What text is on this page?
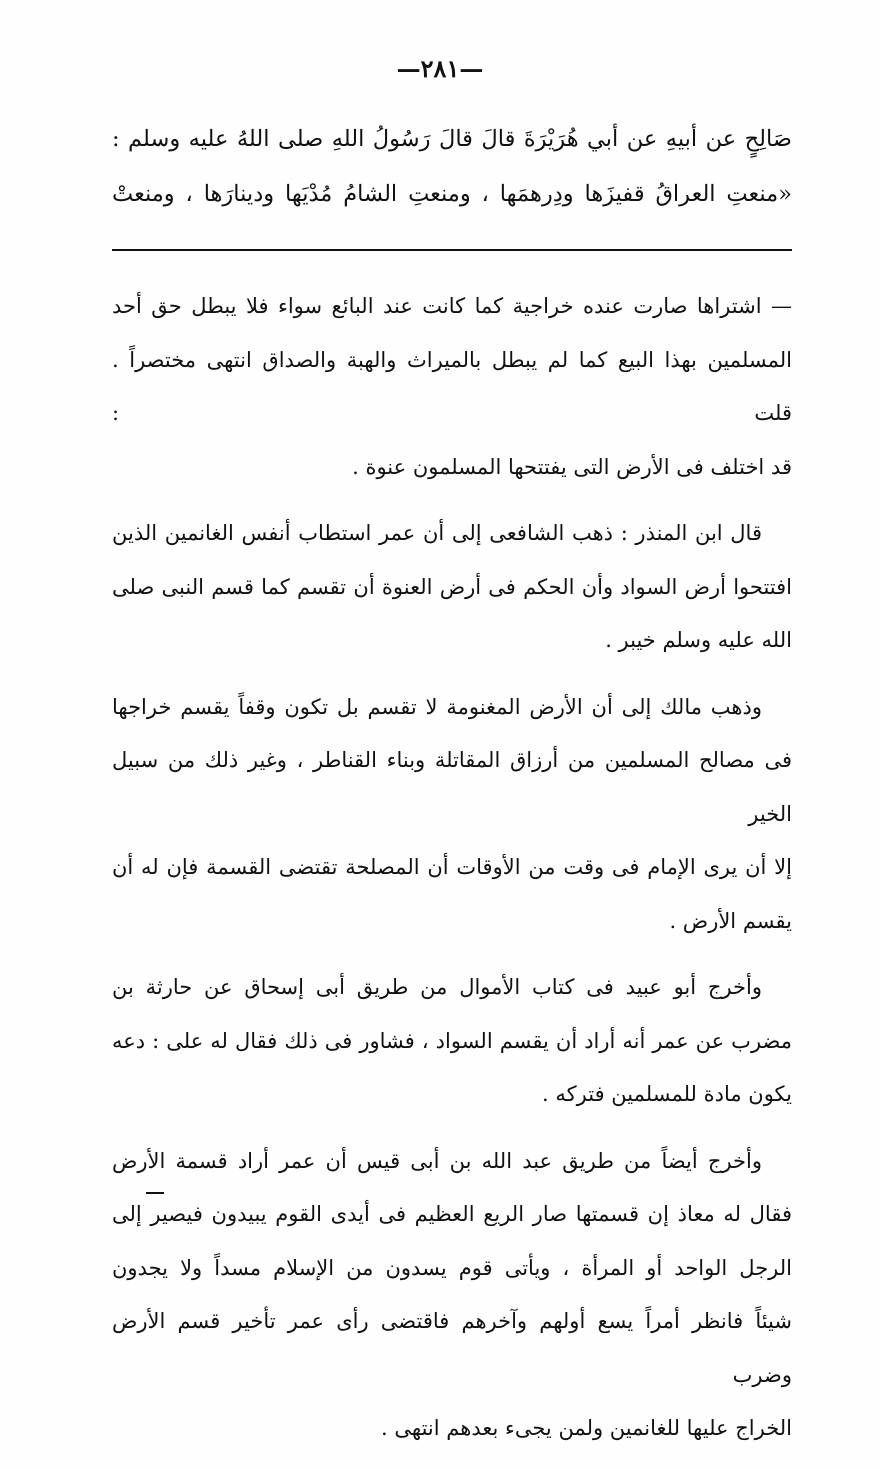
—٢٨١—

صَالِحٍ عن أبيهِ عن أبي هُرَيْرَةَ قالَ قالَ رَسُولُ اللهِ صلى اللهُ عليه وسلم :

«منعتِ العراقُ قفيزَها ودِرهمَها ، ومنعتِ الشامُ مُدْيَها ودينارَها ، ومنعتْ

— اشتراها صارت عنده خراجية كما كانت عند البائع سواء فلا يبطل حق أحد
المسلمين بهذا البيع كما لم يبطل بالميراث والهبة والصداق انتهى مختصراً . قلت :
قد اختلف فى الأرض التى يفتتحها المسلمون عنوة .
قال ابن المنذر : ذهب الشافعى إلى أن عمر استطاب أنفس الغانمين الذين
افتتحوا أرض السواد وأن الحكم فى أرض العنوة أن تقسم كما قسم النبى صلى
الله عليه وسلم خيبر .
وذهب مالك إلى أن الأرض المغنومة لا تقسم بل تكون وقفاً يقسم خراجها
فى مصالح المسلمين من أرزاق المقاتلة وبناء القناطر ، وغير ذلك من سبيل الخير
إلا أن يرى الإمام فى وقت من الأوقات أن المصلحة تقتضى القسمة فإن له أن
يقسم الأرض .
وأخرج أبو عبيد فى كتاب الأموال من طريق أبى إسحاق عن حارثة بن
مضرب عن عمر أنه أراد أن يقسم السواد ، فشاور فى ذلك فقال له على : دعه
يكون مادة للمسلمين فتركه .
وأخرج أيضاً من طريق عبد الله بن أبى قيس أن عمر أراد قسمة الأرض
فقال له معاذ إن قسمتها صار الريع العظيم فى أيدى القوم يبيدون فيصير إلى
الرجل الواحد أو المرأة ، ويأتى قوم يسدون من الإسلام مسداً ولا يجدون
شيئاً فانظر أمراً يسع أولهم وآخرهم فاقتضى رأى عمر تأخير قسم الأرض وضرب
الخراج عليها للغانمين ولمن يجىء بعدهم انتهى .
